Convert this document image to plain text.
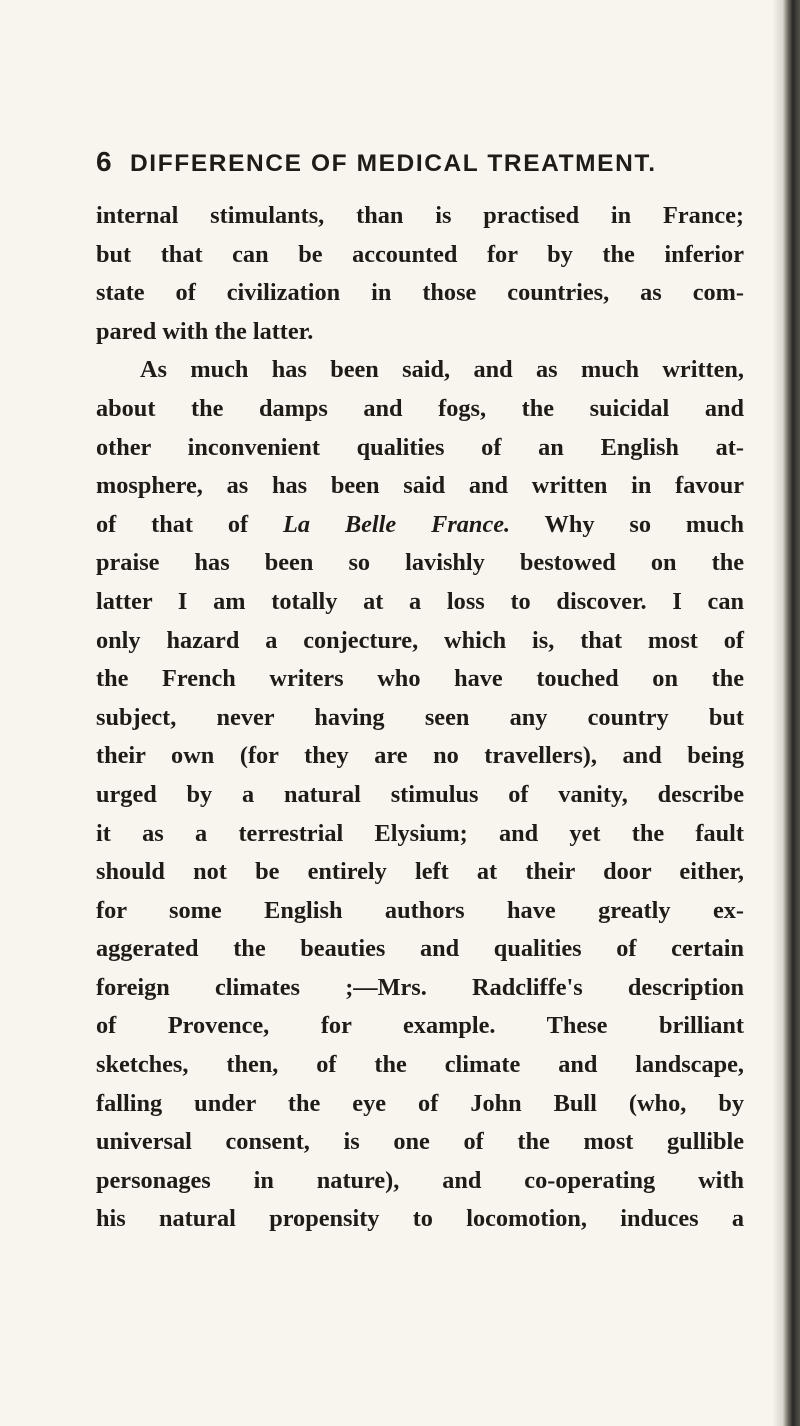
6 DIFFERENCE OF MEDICAL TREATMENT.
internal stimulants, than is practised in France;
but that can be accounted for by the inferior
state of civilization in those countries, as com-
pared with the latter.
As much has been said, and as much written,
about the damps and fogs, the suicidal and
other inconvenient qualities of an English at-
mosphere, as has been said and written in favour
of that of La Belle France. Why so much
praise has been so lavishly bestowed on the
latter I am totally at a loss to discover. I can
only hazard a conjecture, which is, that most of
the French writers who have touched on the
subject, never having seen any country but
their own (for they are no travellers), and being
urged by a natural stimulus of vanity, describe
it as a terrestrial Elysium; and yet the fault
should not be entirely left at their door either,
for some English authors have greatly ex-
aggerated the beauties and qualities of certain
foreign climates ;—Mrs. Radcliffe's description
of Provence, for example. These brilliant
sketches, then, of the climate and landscape,
falling under the eye of John Bull (who, by
universal consent, is one of the most gullible
personages in nature), and co-operating with
his natural propensity to locomotion, induces a
